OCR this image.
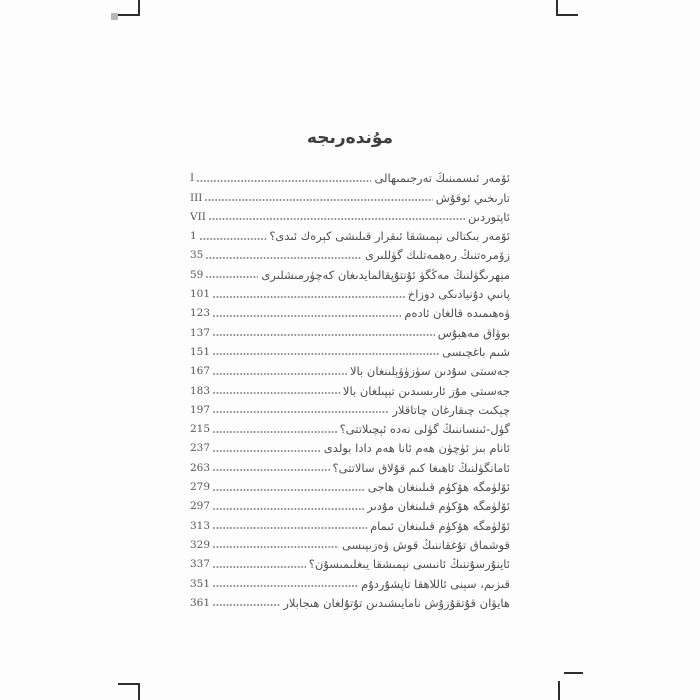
مۇندەرىجە
ئۆمەر ئىسمىنىڭ تەرجىمىھالى
I
تارىخىي ئوقۇش
III
ئاپتوردىن
VII
ئۆمەر بىكتالى نېمىشقا ئىقرار قىلىشى كېرەك ئىدى؟
1
زۆمرەتنىڭ رەھمەتلىك گۈللىرى
35
مېھرىگۈلنىڭ مەڭگۈ ئۇنتۇپقالمايدىغان كەچۈرمىشلىرى
59
پانىي دۇنيادىكى دوزاخ
101
ۋەھىمىدە قالغان ئادەم
123
بوۋاق مەھبۇس
137
شىم باغچىسى
151
جەسىتى سۇدىن سۈزۈۋېلىنغان بالا
167
جەسىتى مۇز ئارىسىدىن تېپىلغان بالا
183
چېكىت چىقارغان چاتاقلار
197
گۈل-ئىنساننىڭ گۈلى نەدە ئېچىلاتتى؟
215
ئانام بىز ئۈچۈن ھەم ئانا ھەم دادا بولدى
237
ئامانگۈلنىڭ ئاھىغا كىم قۇلاق سالاتتى؟
263
ئۆلۈمگە ھۆكۈم قىلىنغان ھاجى
279
ئۆلۈمگە ھۆكۈم قىلىنغان مۇدىر
297
ئۆلۈمگە ھۆكۈم قىلىنغان ئىمام
313
قوشماق تۇغقاننىڭ قوش ۋەزىپىسى
329
ئاينۇرسۇننىڭ ئانىسى نېمىشقا يىغلىمىسۇن؟
337
قىزىم، سېنى ئاللاھقا تاپشۇردۇم
351
ھايۋان قۇتقۇزۇش نامايىشىدىن تۇتۇلغان ھىجابلار
361
